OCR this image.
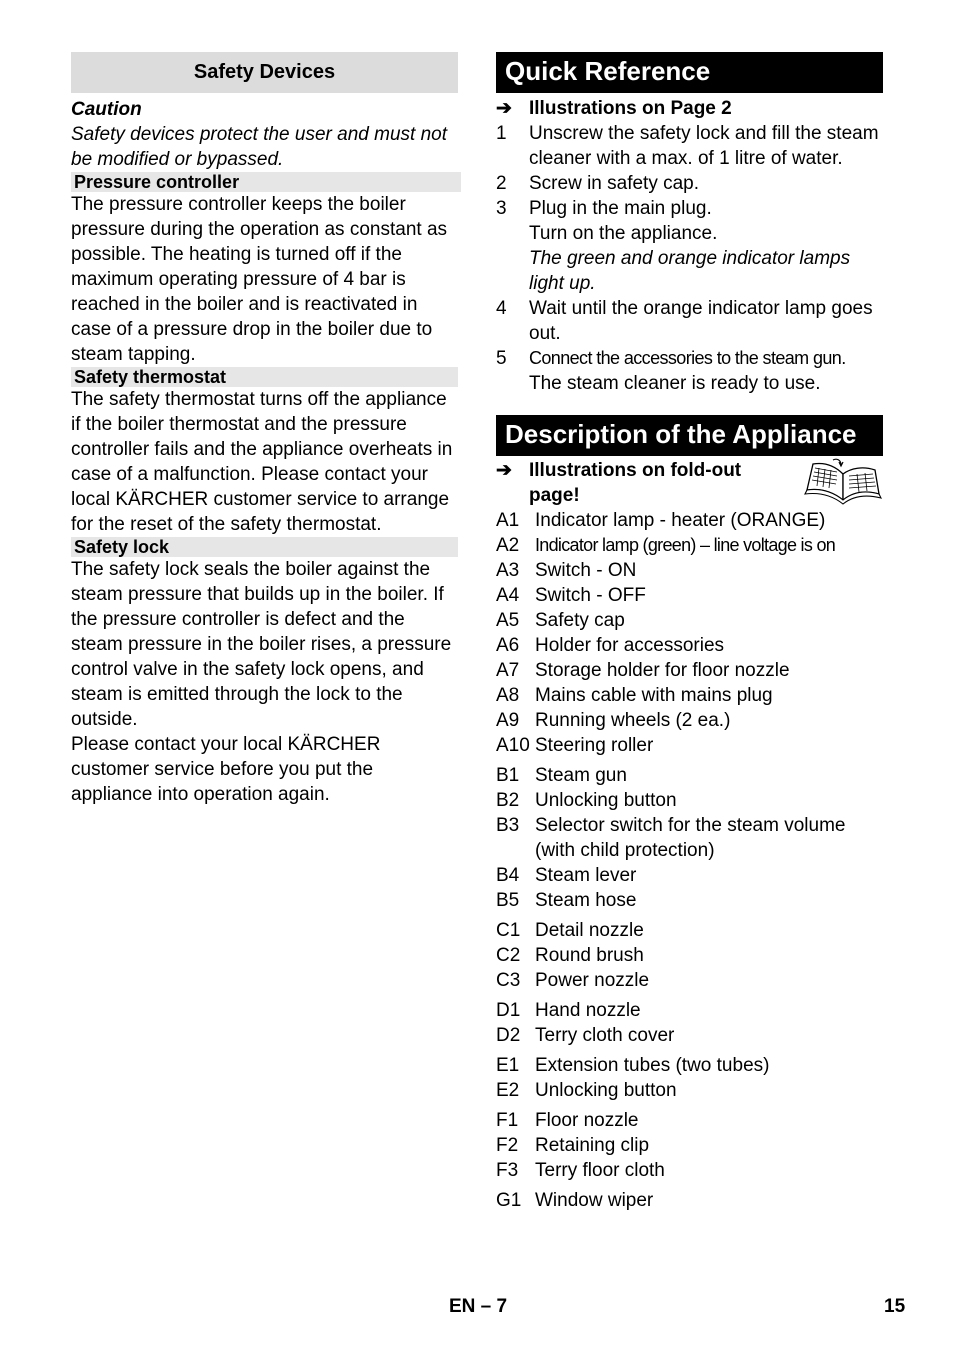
Safety Devices
Caution
Safety devices protect the user and must not be modified or bypassed.
Pressure controller
The pressure controller keeps the boiler pressure during the operation as constant as possible. The heating is turned off if the maximum operating pressure of 4 bar is reached in the boiler and is reactivated in case of a pressure drop in the boiler due to steam tapping.
Safety thermostat
The safety thermostat turns off the appliance if the boiler thermostat and the pressure controller fails and the appliance overheats in case of a malfunction. Please contact your local KÄRCHER customer service to arrange for the reset of the safety thermostat.
Safety lock
The safety lock seals the boiler against the steam pressure that builds up in the boiler. If the pressure controller is defect and the steam pressure in the boiler rises, a pressure control valve in the safety lock opens, and steam is emitted through the lock to the outside.
Please contact your local KÄRCHER customer service before you put the appliance into operation again.
Quick Reference
➔ Illustrations on Page 2
1 Unscrew the safety lock and fill the steam cleaner with a max. of 1 litre of water.
2 Screw in safety cap.
3 Plug in the main plug.
Turn on the appliance.
The green and orange indicator lamps light up.
4 Wait until the orange indicator lamp goes out.
5 Connect the accessories to the steam gun.
The steam cleaner is ready to use.
Description of the Appliance
➔ Illustrations on fold-out page!
A1 Indicator lamp - heater (ORANGE)
A2 Indicator lamp (green) – line voltage is on
A3 Switch - ON
A4 Switch - OFF
A5 Safety cap
A6 Holder for accessories
A7 Storage holder for floor nozzle
A8 Mains cable with mains plug
A9 Running wheels (2 ea.)
A10 Steering roller
B1 Steam gun
B2 Unlocking button
B3 Selector switch for the steam volume (with child protection)
B4 Steam lever
B5 Steam hose
C1 Detail nozzle
C2 Round brush
C3 Power nozzle
D1 Hand nozzle
D2 Terry cloth cover
E1 Extension tubes (two tubes)
E2 Unlocking button
F1 Floor nozzle
F2 Retaining clip
F3 Terry floor cloth
G1 Window wiper
EN – 7	15
